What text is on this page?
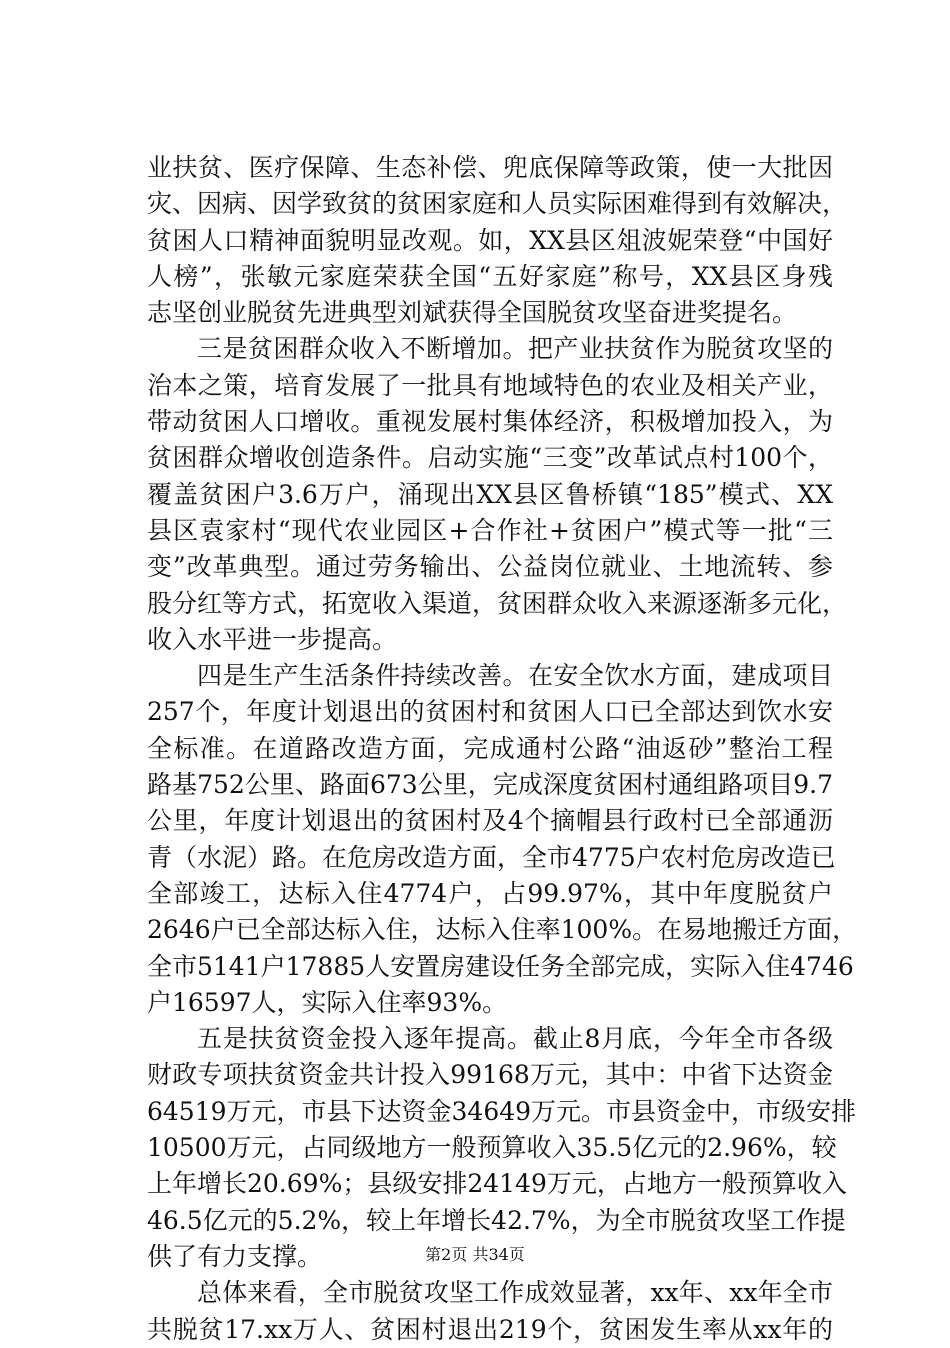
业扶贫、医疗保障、生态补偿、兜底保障等政策，使一大批因
灾、因病、因学致贫的贫困家庭和人员实际困难得到有效解决，
贫困人口精神面貌明显改观。如，XX县区俎波妮荣登“中国好
人榜”，张敏元家庭荣获全国“五好家庭”称号，XX县区身残
志坚创业脱贫先进典型刘斌获得全国脱贫攻坚奋进奖提名。
三是贫困群众收入不断增加。把产业扶贫作为脱贫攻坚的
治本之策，培育发展了一批具有地域特色的农业及相关产业，
带动贫困人口增收。重视发展村集体经济，积极增加投入，为
贫困群众增收创造条件。启动实施“三变”改革试点村100个，
覆盖贫困户3.6万户，涌现出XX县区鲁桥镇“185”模式、XX
县区袁家村“现代农业园区+合作社+贫困户”模式等一批“三
变”改革典型。通过劳务输出、公益岗位就业、土地流转、参
股分红等方式，拓宽收入渠道，贫困群众收入来源逐渐多元化，
收入水平进一步提高。
四是生产生活条件持续改善。在安全饮水方面，建成项目
257个，年度计划退出的贫困村和贫困人口已全部达到饮水安
全标准。在道路改造方面，完成通村公路“油返砂”整治工程
路基752公里、路面673公里，完成深度贫困村通组路项目9.7
公里，年度计划退出的贫困村及4个摘帽县行政村已全部通沥
青（水泥）路。在危房改造方面，全市4775户农村危房改造已
全部竣工，达标入住4774户，占99.97%，其中年度脱贫户
2646户已全部达标入住，达标入住率100%。在易地搬迁方面，
全市5141户17885人安置房建设任务全部完成，实际入住4746
户16597人，实际入住率93%。
五是扶贫资金投入逐年提高。截止8月底，今年全市各级
财政专项扶贫资金共计投入99168万元，其中：中省下达资金
64519万元，市县下达资金34649万元。市县资金中，市级安排
10500万元，占同级地方一般预算收入35.5亿元的2.96%，较
上年增长20.69%；县级安排24149万元，占地方一般预算收入
46.5亿元的5.2%，较上年增长42.7%，为全市脱贫攻坚工作提
供了有力支撑。
总体来看，全市脱贫攻坚工作成效显著，xx年、xx年全市
共脱贫17.xx万人、贫困村退出219个，贫困发生率从xx年的
第2页 共34页
